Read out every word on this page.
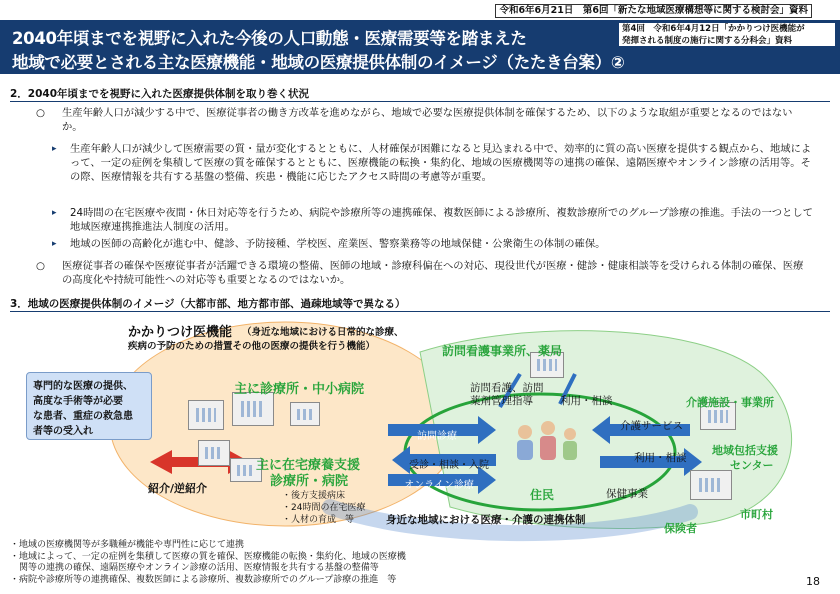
令和6年6月21日　第6回「新たな地域医療構想等に関する検討会」資料
2040年頃までを視野に入れた今後の人口動態・医療需要等を踏まえた
地域で必要とされる主な医療機能・地域の医療提供体制のイメージ（たたき台案）②
第4回　令和6年4月12日「かかりつけ医機能が
発揮される制度の施行に関する分科会」資料
2．2040年頃までを視野に入れた医療提供体制を取り巻く状況
○ 生産年齢人口が減少する中で、医療従事者の働き方改革を進めながら、地域で必要な医療提供体制を確保するため、以下のような取組が重要となるのではないか。
▸ 生産年齢人口が減少して医療需要の質・量が変化するとともに、人材確保が困難になると見込まれる中で、効率的に質の高い医療を提供する観点から、地域によって、一定の症例を集積して医療の質を確保するとともに、医療機能の転換・集約化、地域の医療機関等の連携の確保、遠隔医療やオンライン診療の活用等。その際、医療情報を共有する基盤の整備、疾患・機能に応じたアクセス時間の考慮等が重要。
▸ 24時間の在宅医療や夜間・休日対応等を行うため、病院や診療所等の連携確保、複数医師による診療所、複数診療所でのグループ診療の推進。手法の一つとして地域医療連携推進法人制度の活用。
▸ 地域の医師の高齢化が進む中、健診、予防接種、学校医、産業医、警察業務等の地域保健・公衆衛生の体制の確保。
○ 医療従事者の確保や医療従事者が活躍できる環境の整備、医師の地域・診療科偏在への対応、現役世代が医療・健診・健康相談等を受けられる体制の確保、医療の高度化や持続可能性への対応等も重要となるのではないか。
3．地域の医療提供体制のイメージ（大都市部、地方都市部、過疎地域等で異なる）
かかりつけ医機能 （身近な地域における日常的な診療、
疾病の予防のための措置その他の医療の提供を行う機能）
専門的な医療の提供、
高度な手術等が必要
な患者、重症の救急患
者等の受入れ
主に診療所・中小病院
主に在宅療養支援
診療所・病院
・後方支援病床
・24時間の在宅医療
・人材の育成　等
紹介/逆紹介
訪問看護事業所、薬局
訪問看護、訪問
薬剤管理指導	利用・相談	介護施設・事業所
介護サービス
利用・相談
地域包括支援
センター
訪問診療
受診・相談・入院
オンライン診療
住民	保健事業
市町村
保険者
身近な地域における医療・介護の連携体制
・地域の医療機関等が多職種が機能や専門性に応じて連携
・地域によって、一定の症例を集積して医療の質を確保、医療機能の転換・集約化、地域の医療機
　関等の連携の確保、遠隔医療やオンライン診療の活用、医療情報を共有する基盤の整備等
・病院や診療所等の連携確保、複数医師による診療所、複数診療所でのグループ診療の推進　等	18
